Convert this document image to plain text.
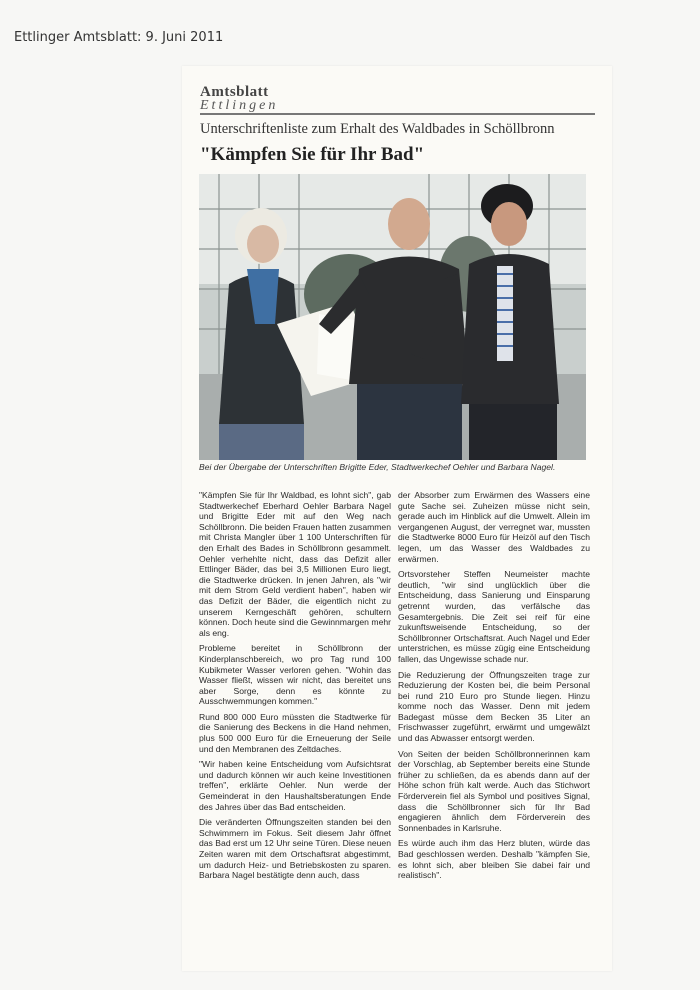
Ettlinger Amtsblatt: 9. Juni 2011
Amtsblatt
Ettlingen
Unterschriftenliste zum Erhalt des Waldbades in Schöllbronn
"Kämpfen Sie für Ihr Bad"
Bei der Übergabe der Unterschriften Brigitte Eder, Stadtwerkechef Oehler und Barbara Nagel.

"Kämpfen Sie für Ihr Waldbad, es lohnt sich", gab Stadtwerkechef Eberhard Oehler Barbara Nagel und Brigitte Eder mit auf den Weg nach Schöllbronn. Die beiden Frauen hatten zusammen mit Christa Mangler über 1 100 Unterschriften für den Erhalt des Bades in Schöllbronn gesammelt. Oehler verhehlte nicht, dass das Defizit aller Ettlinger Bäder, das bei 3,5 Millionen Euro liegt, die Stadtwerke drücken. In jenen Jahren, als "wir mit dem Strom Geld verdient haben", haben wir das Defizit der Bäder, die eigentlich nicht zu unserem Kerngeschäft gehören, schultern können. Doch heute sind die Gewinnmargen mehr als eng.

Probleme bereitet in Schöllbronn der Kinderplanschbereich, wo pro Tag rund 100 Kubikmeter Wasser verloren gehen. "Wohin das Wasser fließt, wissen wir nicht, das bereitet uns aber Sorge, denn es könnte zu Ausschwemmungen kommen."

Rund 800 000 Euro müssten die Stadtwerke für die Sanierung des Beckens in die Hand nehmen, plus 500 000 Euro für die Erneuerung der Seile und den Membranen des Zeltdaches.

"Wir haben keine Entscheidung vom Aufsichtsrat und dadurch können wir auch keine Investitionen treffen", erklärte Oehler. Nun werde der Gemeinderat in den Haushaltsberatungen Ende des Jahres über das Bad entscheiden.

Die veränderten Öffnungszeiten standen bei den Schwimmern im Fokus. Seit diesem Jahr öffnet das Bad erst um 12 Uhr seine Türen. Diese neuen Zeiten waren mit dem Ortschaftsrat abgestimmt, um dadurch Heiz- und Betriebskosten zu sparen. Barbara Nagel bestätigte denn auch, dass

der Absorber zum Erwärmen des Wassers eine gute Sache sei. Zuheizen müsse nicht sein, gerade auch im Hinblick auf die Umwelt. Allein im vergangenen August, der verregnet war, mussten die Stadtwerke 8000 Euro für Heizöl auf den Tisch legen, um das Wasser des Waldbades zu erwärmen.

Ortsvorsteher Steffen Neumeister machte deutlich, "wir sind unglücklich über die Entscheidung, dass Sanierung und Einsparung getrennt wurden, das verfälsche das Gesamtergebnis. Die Zeit sei reif für eine zukunftsweisende Entscheidung, so der Schöllbronner Ortschaftsrat. Auch Nagel und Eder unterstrichen, es müsse zügig eine Entscheidung fallen, das Ungewisse schade nur.

Die Reduzierung der Öffnungszeiten trage zur Reduzierung der Kosten bei, die beim Personal bei rund 210 Euro pro Stunde liegen. Hinzu komme noch das Wasser. Denn mit jedem Badegast müsse dem Becken 35 Liter an Frischwasser zugeführt, erwärmt und umgewälzt und das Abwasser entsorgt werden.

Von Seiten der beiden Schöllbronnerinnen kam der Vorschlag, ab September bereits eine Stunde früher zu schließen, da es abends dann auf der Höhe schon früh kalt werde. Auch das Stichwort Förderverein fiel als Symbol und positives Signal, dass die Schöllbronner sich für Ihr Bad engagieren ähnlich dem Förderverein des Sonnenbades in Karlsruhe.

Es würde auch ihm das Herz bluten, würde das Bad geschlossen werden. Deshalb "kämpfen Sie, es lohnt sich, aber bleiben Sie dabei fair und realistisch".
